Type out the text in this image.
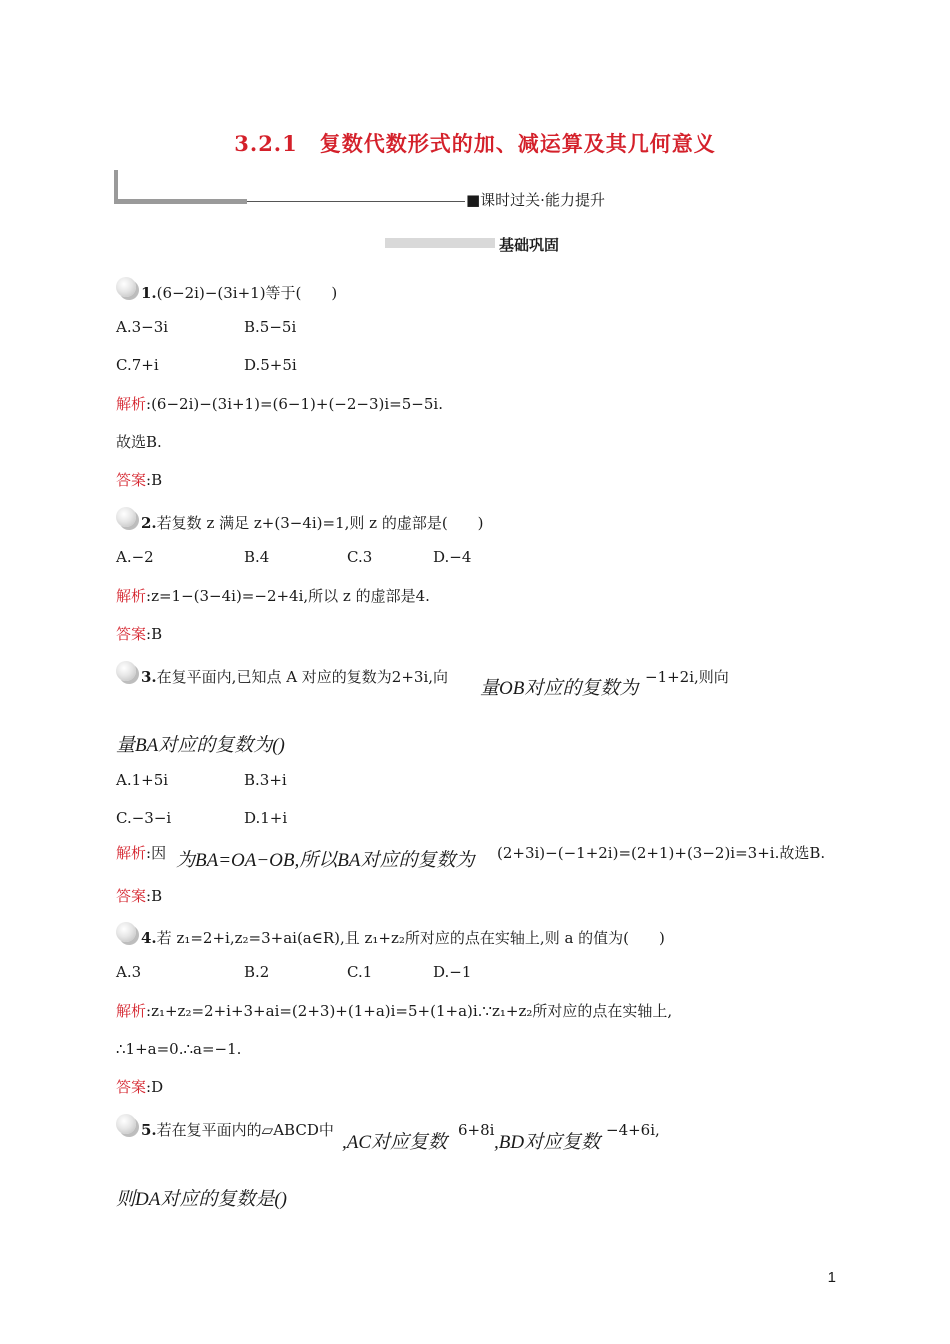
3.2.1　复数代数形式的加、减运算及其几何意义
■课时过关·能力提升
基础巩固
1.(6−2i)−(3i+1)等于(　　)
A.3−3i	B.5−5i
C.7+i	D.5+5i
解析:(6−2i)−(3i+1)=(6−1)+(−2−3)i=5−5i.
故选B.
答案:B
2.若复数 z 满足 z+(3−4i)=1,则 z 的虚部是(　　)
A.−2	B.4	C.3	D.−4
解析:z=1−(3−4i)=−2+4i,所以 z 的虚部是4.
答案:B
3.在复平面内,已知点 A 对应的复数为2+3i,向
量OB对应的复数为
−1+2i,则向
量BA对应的复数为()
A.1+5i	B.3+i
C.−3−i	D.1+i
解析:因 为BA=OA−OB,所以BA对应的复数为 (2+3i)−(−1+2i)=(2+1)+(3−2)i=3+i.故选B.
答案:B
4.若 z₁=2+i,z₂=3+ai(a∈R),且 z₁+z₂所对应的点在实轴上,则 a 的值为(　　)
A.3	B.2	C.1	D.−1
解析:z₁+z₂=2+i+3+ai=(2+3)+(1+a)i=5+(1+a)i.∵z₁+z₂所对应的点在实轴上,
∴1+a=0.∴a=−1.
答案:D
5.若在复平面内的▱ABCD中
,AC对应复数
6+8i
,BD对应复数
−4+6i,
则DA对应的复数是()
1
